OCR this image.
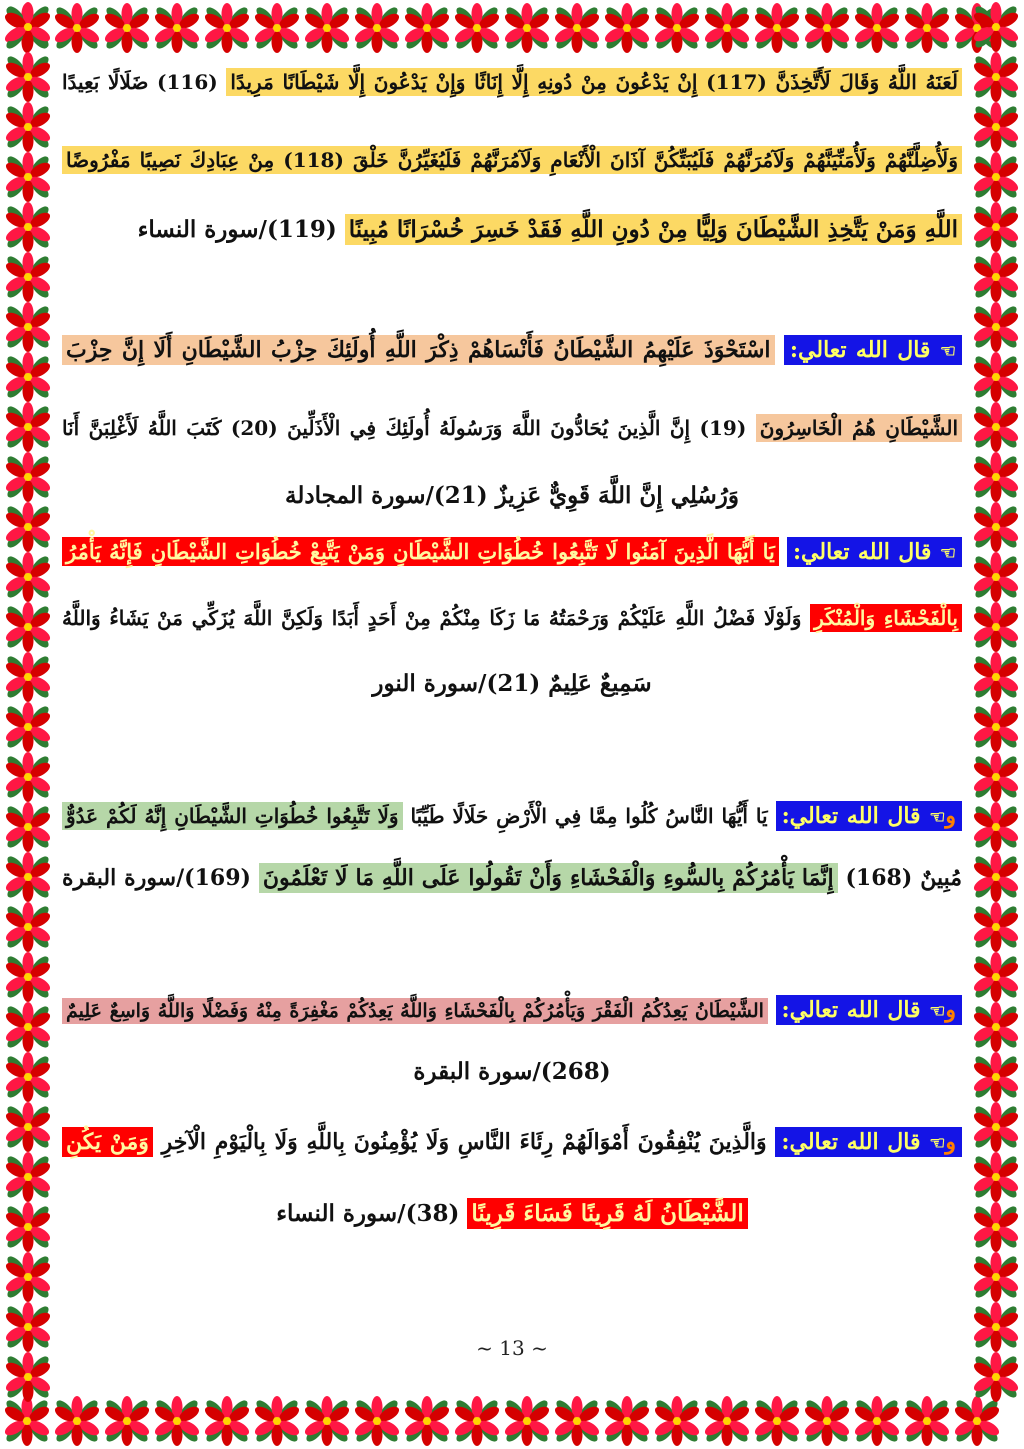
لَعَنَهُ اللَّهُ وَقَالَ لَأَتَّخِذَنَّ (117) إِنْ يَدْعُونَ مِنْ دُونِهِ إِلَّا إِنَاثًا وَإِنْ يَدْعُونَ إِلَّا شَيْطَانًا مَرِيدًا (116) ضَلَالًا بَعِيدًا
وَلَأُضِلَّنَّهُمْ وَلَأُمَنِّيَنَّهُمْ وَلَآمُرَنَّهُمْ فَلَيُبَتِّكُنَّ آذَانَ الْأَنْعَامِ وَلَآمُرَنَّهُمْ فَلَيُغَيِّرُنَّ خَلْقَ (118) مِنْ عِبَادِكَ نَصِيبًا مَفْرُوضًا
اللَّهِ وَمَنْ يَتَّخِذِ الشَّيْطَانَ وَلِيًّا مِنْ دُونِ اللَّهِ فَقَدْ خَسِرَ خُسْرَانًا مُبِينًا (119)/سورة النساء
☜ قال الله تعالي: اسْتَحْوَذَ عَلَيْهِمُ الشَّيْطَانُ فَأَنْسَاهُمْ ذِكْرَ اللَّهِ أُولَئِكَ حِزْبُ الشَّيْطَانِ أَلَا إِنَّ حِزْبَ
الشَّيْطَانِ هُمُ الْخَاسِرُونَ (19) إِنَّ الَّذِينَ يُحَادُّونَ اللَّهَ وَرَسُولَهُ أُولَئِكَ فِي الْأَذَلِّينَ (20) كَتَبَ اللَّهُ لَأَغْلِبَنَّ أَنَا
وَرُسُلِي إِنَّ اللَّهَ قَوِيٌّ عَزِيزٌ (21)/سورة المجادلة
☜ قال الله تعالي: يَا أَيُّهَا الَّذِينَ آمَنُوا لَا تَتَّبِعُوا خُطُوَاتِ الشَّيْطَانِ وَمَنْ يَتَّبِعْ خُطُوَاتِ الشَّيْطَانِ فَإِنَّهُ يَأْمُرُ
بِالْفَحْشَاءِ وَالْمُنْكَرِ وَلَوْلَا فَضْلُ اللَّهِ عَلَيْكُمْ وَرَحْمَتُهُ مَا زَكَا مِنْكُمْ مِنْ أَحَدٍ أَبَدًا وَلَكِنَّ اللَّهَ يُزَكِّي مَنْ يَشَاءُ وَاللَّهُ
سَمِيعٌ عَلِيمٌ (21)/سورة النور
و☜ قال الله تعالي: يَا أَيُّهَا النَّاسُ كُلُوا مِمَّا فِي الْأَرْضِ حَلَالًا طَيِّبًا وَلَا تَتَّبِعُوا خُطُوَاتِ الشَّيْطَانِ إِنَّهُ لَكُمْ عَدُوٌّ
مُبِينٌ (168) إِنَّمَا يَأْمُرُكُمْ بِالسُّوءِ وَالْفَحْشَاءِ وَأَنْ تَقُولُوا عَلَى اللَّهِ مَا لَا تَعْلَمُونَ (169)/سورة البقرة
و☜ قال الله تعالي: الشَّيْطَانُ يَعِدُكُمُ الْفَقْرَ وَيَأْمُرُكُمْ بِالْفَحْشَاءِ وَاللَّهُ يَعِدُكُمْ مَغْفِرَةً مِنْهُ وَفَضْلًا وَاللَّهُ وَاسِعٌ عَلِيمٌ
(268)/سورة البقرة
و☜ قال الله تعالي: وَالَّذِينَ يُنْفِقُونَ أَمْوَالَهُمْ رِئَاءَ النَّاسِ وَلَا يُؤْمِنُونَ بِاللَّهِ وَلَا بِالْيَوْمِ الْآخِرِ وَمَنْ يَكُنِ
الشَّيْطَانُ لَهُ قَرِينًا فَسَاءَ قَرِينًا (38)/سورة النساء
~ 13 ~
